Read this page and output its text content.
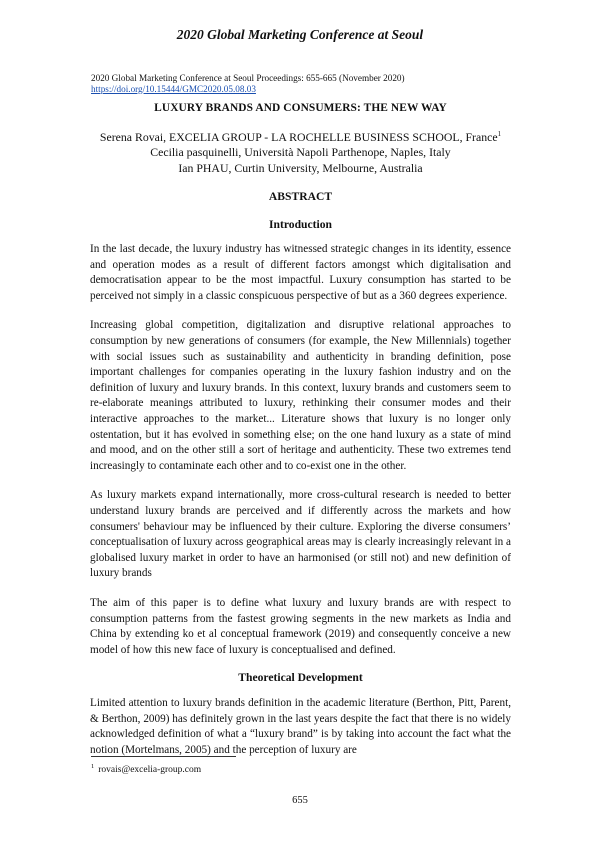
2020 Global Marketing Conference at Seoul
2020 Global Marketing Conference at Seoul Proceedings: 655-665 (November 2020)
https://doi.org/10.15444/GMC2020.05.08.03
LUXURY BRANDS AND CONSUMERS: THE NEW WAY
Serena Rovai, EXCELIA GROUP - LA ROCHELLE BUSINESS SCHOOL, France$^1$
Cecilia pasquinelli, Università Napoli Parthenope, Naples, Italy
Ian PHAU, Curtin University, Melbourne, Australia
ABSTRACT
Introduction

In the last decade, the luxury industry has witnessed strategic changes in its identity, essence and operation modes as a result of different factors amongst which digitalisation and democratisation appear to be the most impactful. Luxury consumption has started to be perceived not simply in a classic conspicuous perspective of but as a 360 degrees experience.

Increasing global competition, digitalization and disruptive relational approaches to consumption by new generations of consumers (for example, the New Millennials) together with social issues such as sustainability and authenticity in branding definition, pose important challenges for companies operating in the luxury fashion industry and on the definition of luxury and luxury brands. In this context, luxury brands and customers seem to re-elaborate meanings attributed to luxury, rethinking their consumer modes and their interactive approaches to the market... Literature shows that luxury is no longer only ostentation, but it has evolved in something else; on the one hand luxury as a state of mind and mood, and on the other still a sort of heritage and authenticity. These two extremes tend increasingly to contaminate each other and to co-exist one in the other.

As luxury markets expand internationally, more cross-cultural research is needed to better understand luxury brands are perceived and if differently across the markets and how consumers' behaviour may be influenced by their culture. Exploring the diverse consumers’ conceptualisation of luxury across geographical areas may is clearly increasingly relevant in a globalised luxury market in order to have an harmonised (or still not) and new definition of luxury brands

The aim of this paper is to define what luxury and luxury brands are with respect to consumption patterns from the fastest growing segments in the new markets as India and China by extending ko et al conceptual framework (2019) and consequently conceive a new model of how this new face of luxury is conceptualised and defined.

Theoretical Development

Limited attention to luxury brands definition in the academic literature (Berthon, Pitt, Parent, & Berthon, 2009) has definitely grown in the last years despite the fact that there is no widely acknowledged definition of what a “luxury brand” is by taking into account the fact what the notion (Mortelmans, 2005) and the perception of luxury are

$^1$ rovais@excelia-group.com
655
